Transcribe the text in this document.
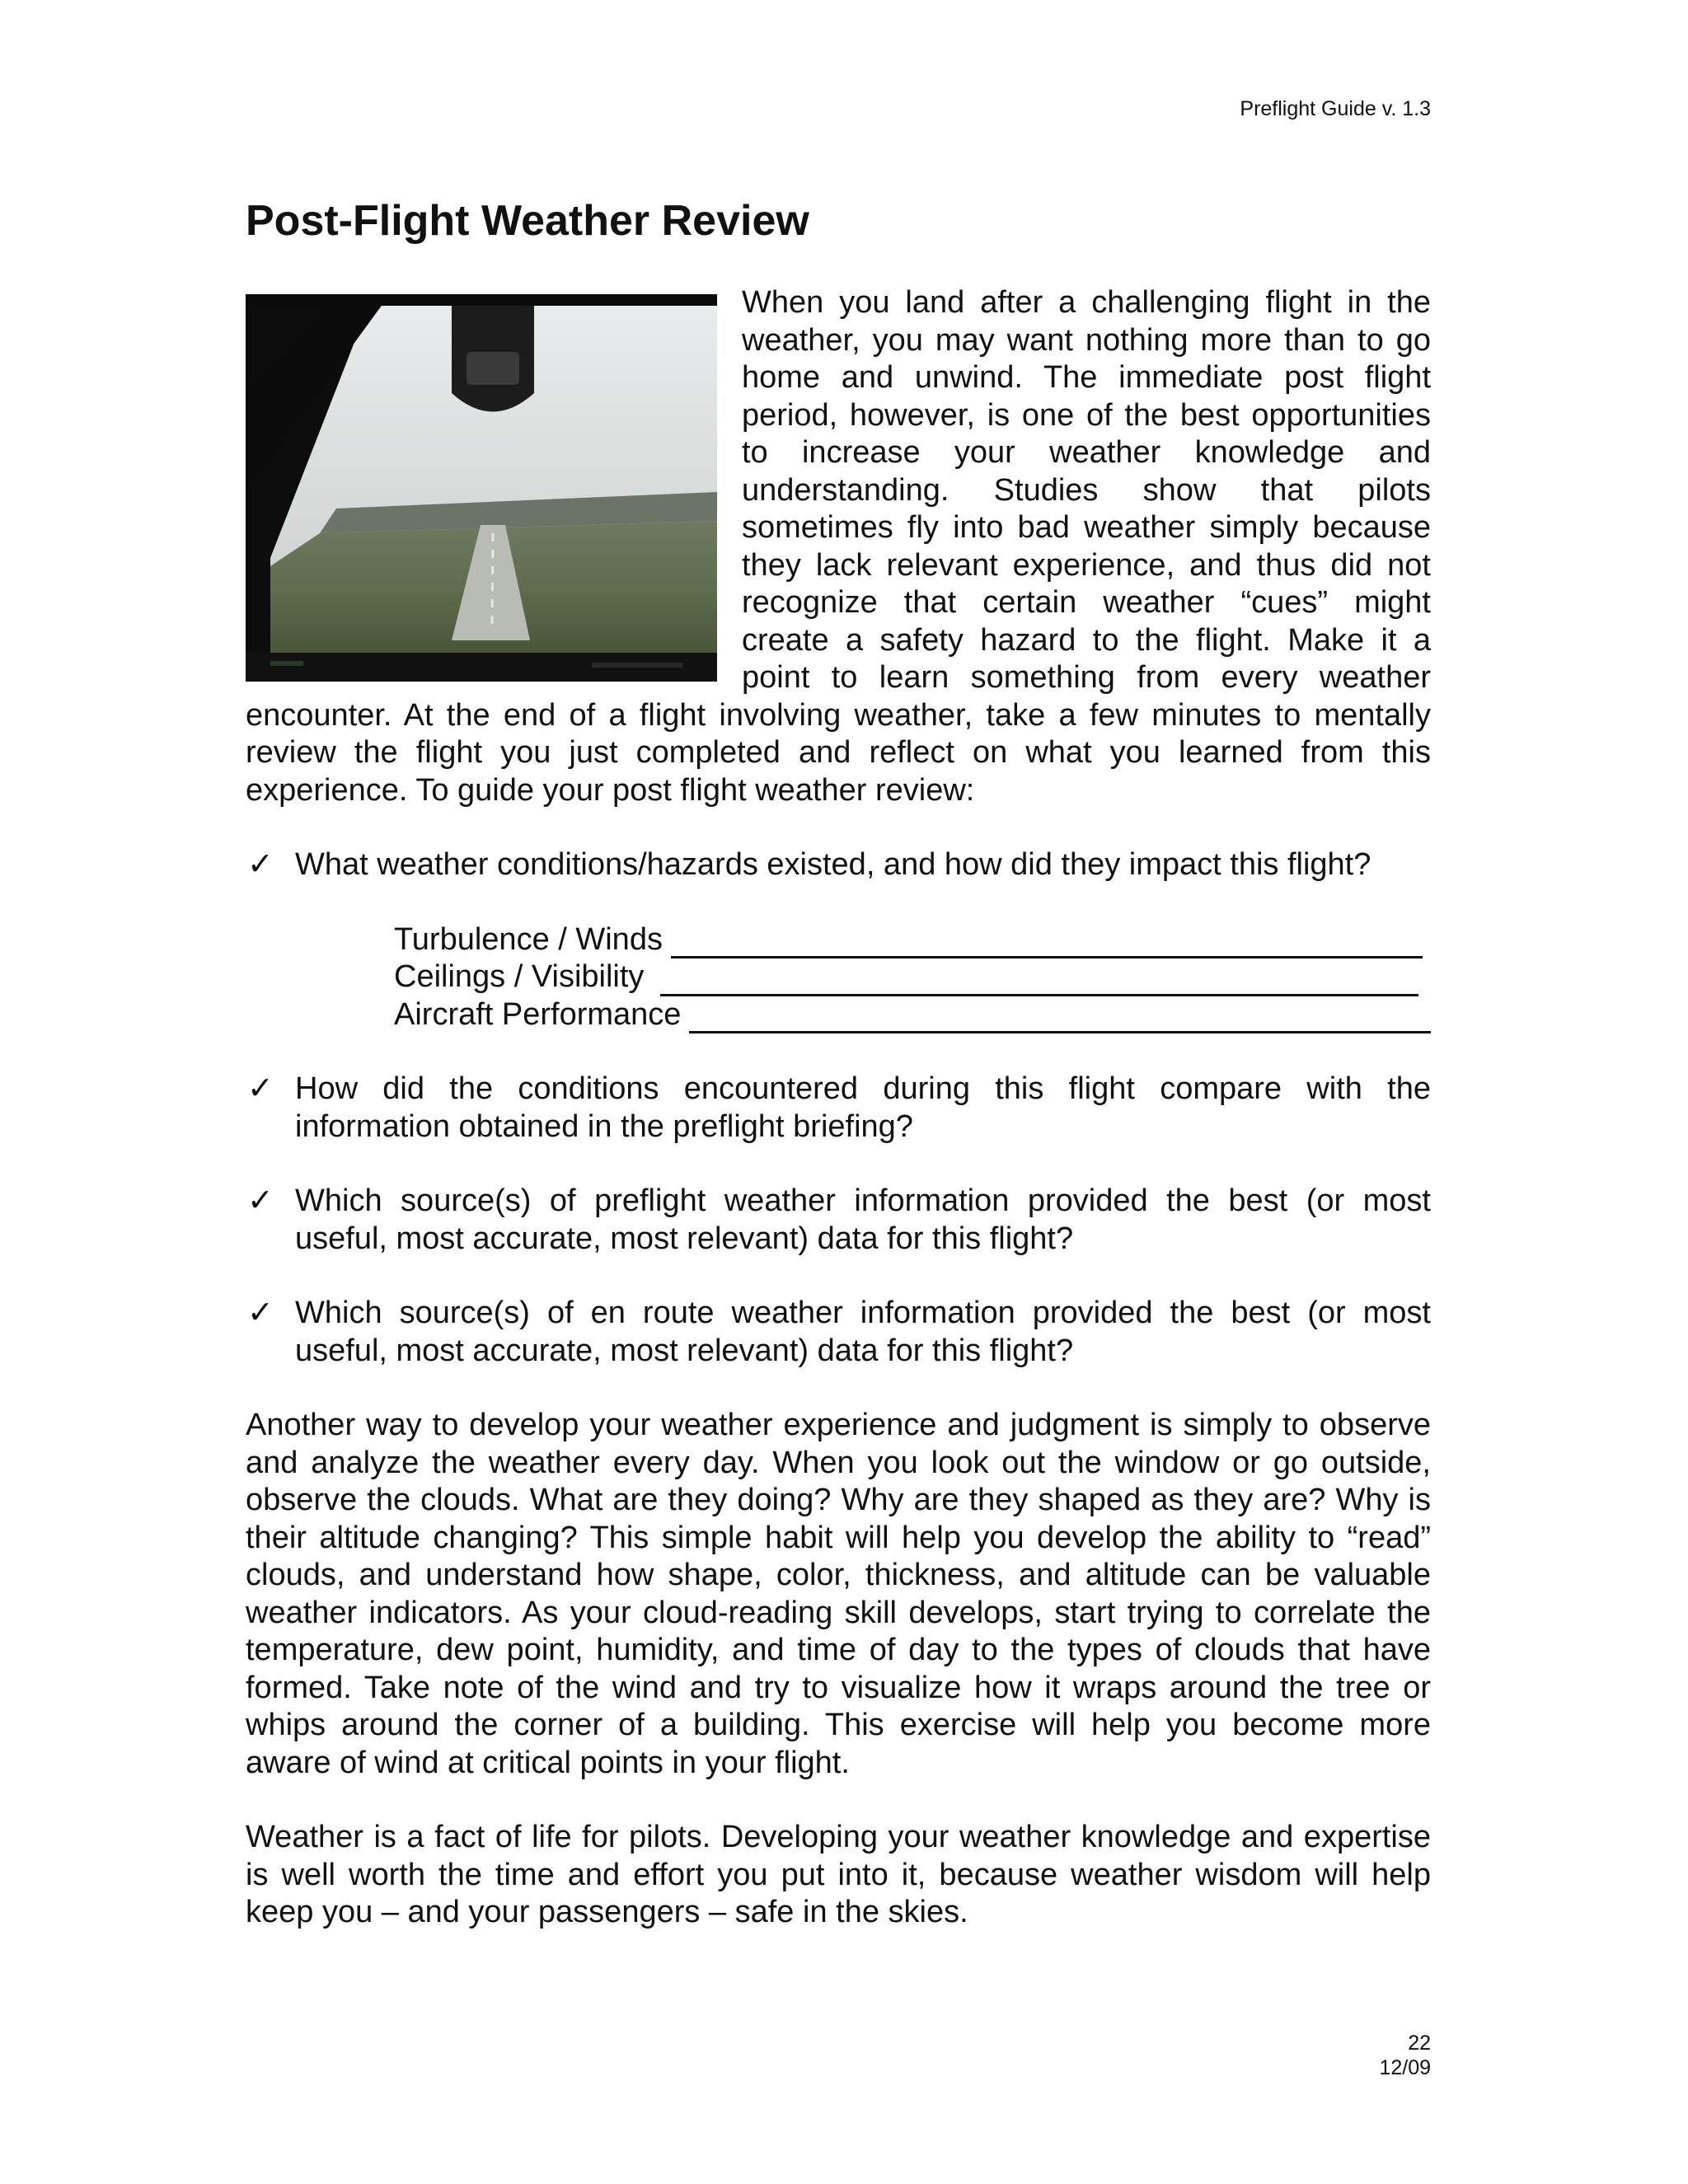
Preflight Guide v. 1.3
Post-Flight Weather Review

When you land after a challenging flight in the weather, you may want nothing more than to go home and unwind. The immediate post flight period, however, is one of the best opportunities to increase your weather knowledge and understanding. Studies show that pilots sometimes fly into bad weather simply because they lack relevant experience, and thus did not recognize that certain weather “cues” might create a safety hazard to the flight. Make it a point to learn something from every weather encounter. At the end of a flight involving weather, take a few minutes to mentally review the flight you just completed and reflect on what you learned from this experience. To guide your post flight weather review:

✓ What weather conditions/hazards existed, and how did they impact this flight?
Turbulence / Winds
Ceilings / Visibility
Aircraft Performance
✓ How did the conditions encountered during this flight compare with the information obtained in the preflight briefing?
✓ Which source(s) of preflight weather information provided the best (or most useful, most accurate, most relevant) data for this flight?
✓ Which source(s) of en route weather information provided the best (or most useful, most accurate, most relevant) data for this flight?

Another way to develop your weather experience and judgment is simply to observe and analyze the weather every day. When you look out the window or go outside, observe the clouds. What are they doing? Why are they shaped as they are? Why is their altitude changing? This simple habit will help you develop the ability to “read” clouds, and understand how shape, color, thickness, and altitude can be valuable weather indicators. As your cloud-reading skill develops, start trying to correlate the temperature, dew point, humidity, and time of day to the types of clouds that have formed. Take note of the wind and try to visualize how it wraps around the tree or whips around the corner of a building. This exercise will help you become more aware of wind at critical points in your flight.

Weather is a fact of life for pilots. Developing your weather knowledge and expertise is well worth the time and effort you put into it, because weather wisdom will help keep you – and your passengers – safe in the skies.

22
12/09
